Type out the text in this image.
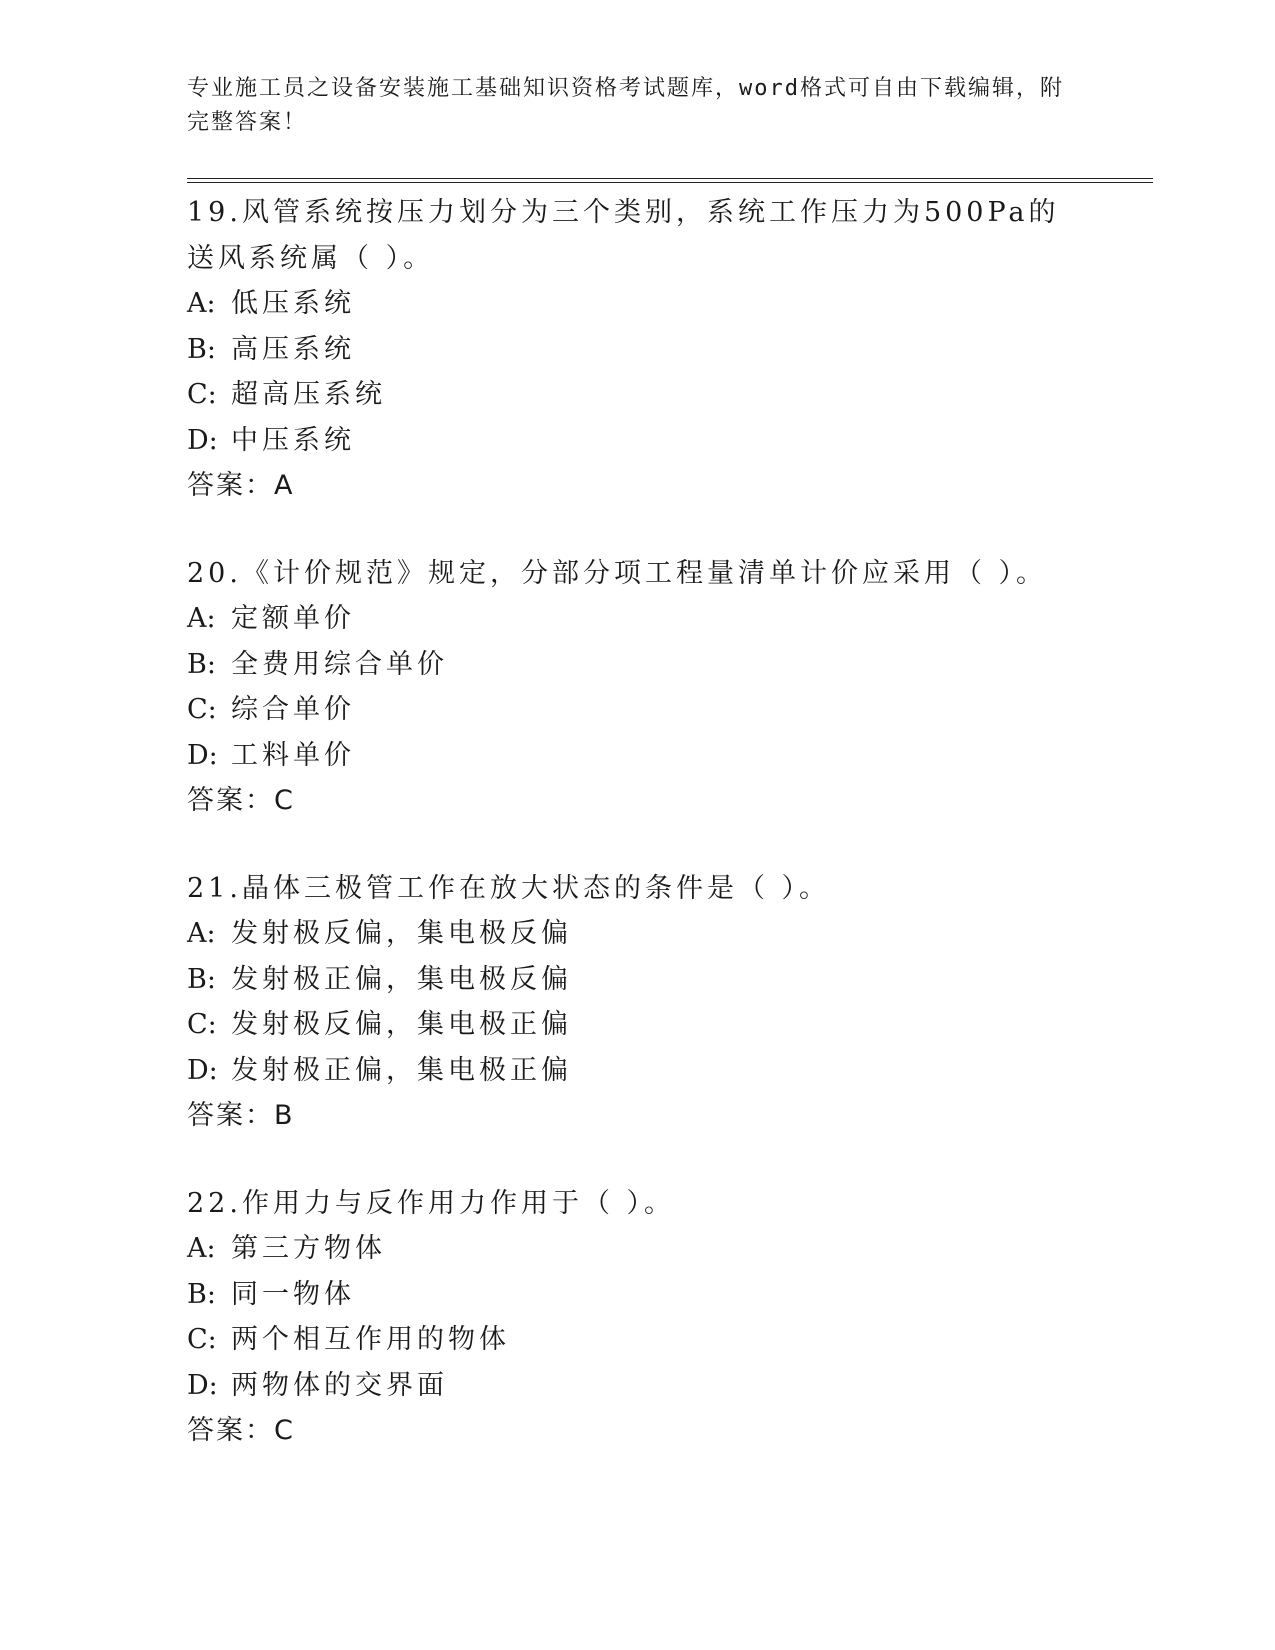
专业施工员之设备安装施工基础知识资格考试题库，word格式可自由下载编辑，附完整答案！
19.风管系统按压力划分为三个类别，系统工作压力为500Pa的送风系统属（ ）。
A: 低压系统
B: 高压系统
C: 超高压系统
D: 中压系统
答案：A
20.《计价规范》规定，分部分项工程量清单计价应采用（ ）。
A: 定额单价
B: 全费用综合单价
C: 综合单价
D: 工料单价
答案：C
21.晶体三极管工作在放大状态的条件是（ ）。
A: 发射极反偏，集电极反偏
B: 发射极正偏，集电极反偏
C: 发射极反偏，集电极正偏
D: 发射极正偏，集电极正偏
答案：B
22.作用力与反作用力作用于（ ）。
A: 第三方物体
B: 同一物体
C: 两个相互作用的物体
D: 两物体的交界面
答案：C
